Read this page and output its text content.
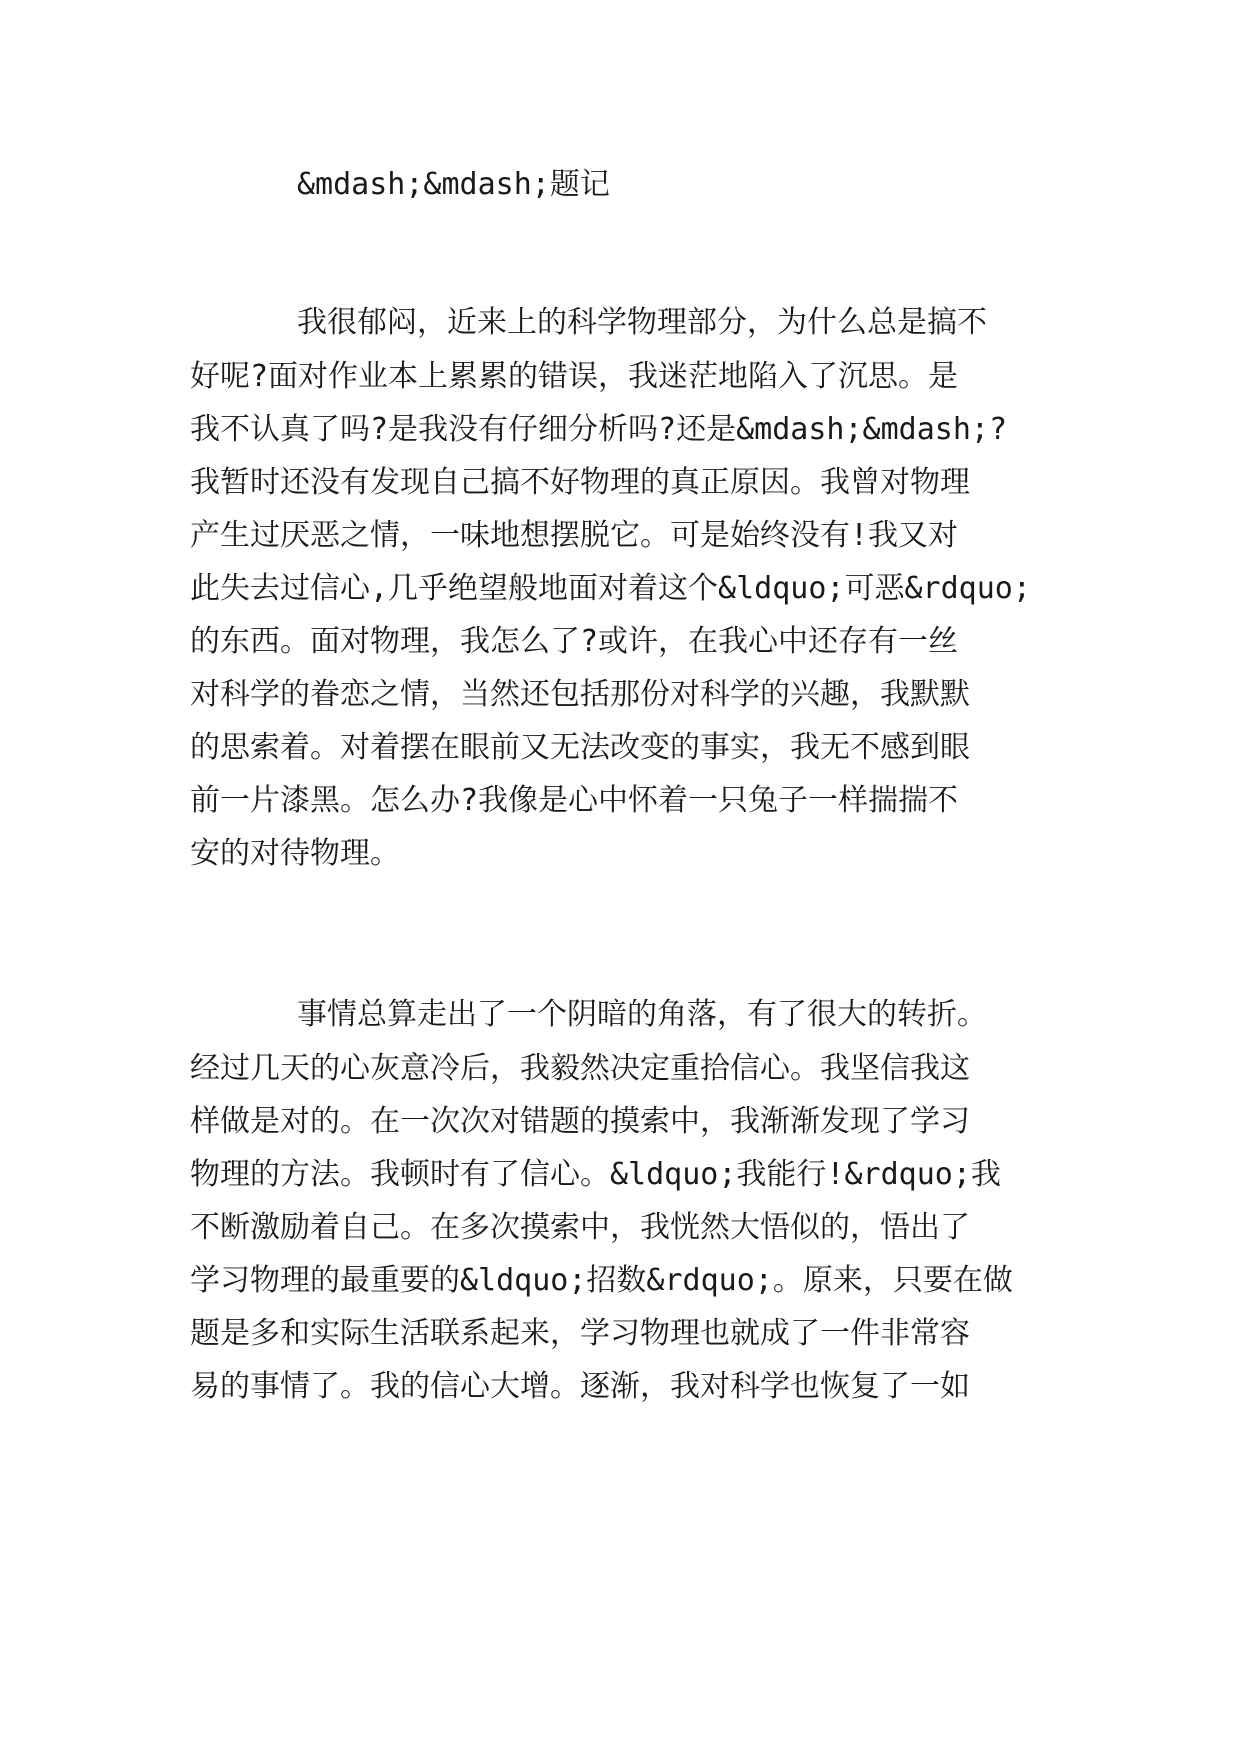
&mdash;&mdash;题记

我很郁闷，近来上的科学物理部分，为什么总是搞不

好呢?面对作业本上累累的错误，我迷茫地陷入了沉思。是

我不认真了吗?是我没有仔细分析吗?还是&mdash;&mdash;?

我暂时还没有发现自己搞不好物理的真正原因。我曾对物理

产生过厌恶之情，一味地想摆脱它。可是始终没有!我又对

此失去过信心,几乎绝望般地面对着这个&ldquo;可恶&rdquo;

的东西。面对物理，我怎么了?或许，在我心中还存有一丝

对科学的眷恋之情，当然还包括那份对科学的兴趣，我默默

的思索着。对着摆在眼前又无法改变的事实，我无不感到眼

前一片漆黑。怎么办?我像是心中怀着一只兔子一样揣揣不

安的对待物理。

事情总算走出了一个阴暗的角落，有了很大的转折。

经过几天的心灰意冷后，我毅然决定重拾信心。我坚信我这

样做是对的。在一次次对错题的摸索中，我渐渐发现了学习

物理的方法。我顿时有了信心。&ldquo;我能行!&rdquo;我

不断激励着自己。在多次摸索中，我恍然大悟似的，悟出了

学习物理的最重要的&ldquo;招数&rdquo;。原来，只要在做

题是多和实际生活联系起来，学习物理也就成了一件非常容

易的事情了。我的信心大增。逐渐，我对科学也恢复了一如
